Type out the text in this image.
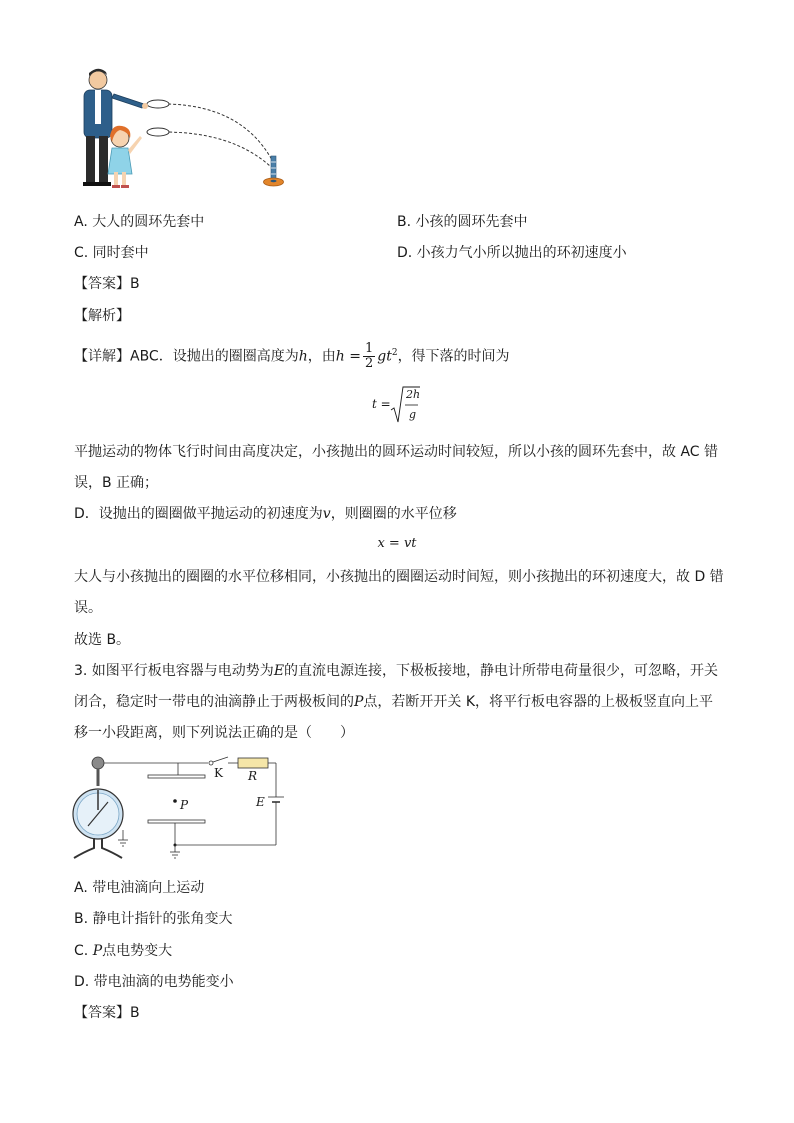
A. 大人的圆环先套中	B. 小孩的圆环先套中
C. 同时套中	D. 小孩力气小所以抛出的环初速度小
【答案】B
【解析】
【详解】ABC．设抛出的圈圈高度为h，由$h = \frac{1}{2} gt^2$，得下落的时间为
t =
2h
g
平抛运动的物体飞行时间由高度决定，小孩抛出的圆环运动时间较短，所以小孩的圆环先套中，故 AC 错
误，B 正确；
D．设抛出的圈圈做平抛运动的初速度为v，则圈圈的水平位移
x = vt
大人与小孩抛出的圈圈的水平位移相同，小孩抛出的圈圈运动时间短，则小孩抛出的环初速度大，故 D 错
误。
故选 B。
3. 如图平行板电容器与电动势为E的直流电源连接，下极板接地，静电计所带电荷量很少，可忽略，开关
闭合，稳定时一带电的油滴静止于两极板间的P点，若断开开关 K，将平行板电容器的上极板竖直向上平
移一小段距离，则下列说法正确的是（　　）
K R
E
P
A. 带电油滴向上运动
B. 静电计指针的张角变大
C. P点电势变大
D. 带电油滴的电势能变小
【答案】B
